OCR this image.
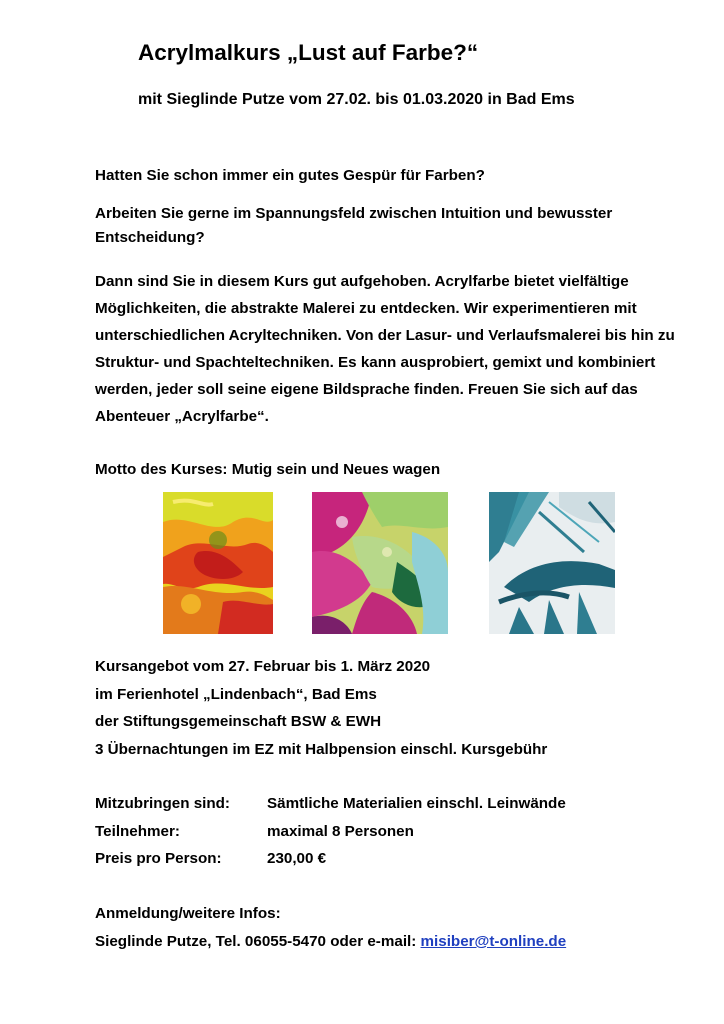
Acrylmalkurs „Lust auf Farbe?“
mit Sieglinde Putze vom 27.02. bis 01.03.2020 in Bad Ems

Hatten Sie schon immer ein gutes Gespür für Farben?

Arbeiten Sie gerne im Spannungsfeld zwischen Intuition und bewusster Entscheidung?

Dann sind Sie in diesem Kurs gut aufgehoben. Acrylfarbe bietet vielfältige Möglichkeiten, die abstrakte Malerei zu entdecken. Wir experimentieren mit unterschiedlichen Acryltechniken. Von der Lasur- und Verlaufsmalerei bis hin zu Struktur- und Spachteltechniken. Es kann ausprobiert, gemixt und kombiniert werden, jeder soll seine eigene Bildsprache finden. Freuen Sie sich auf das Abenteuer „Acrylfarbe“.

Motto des Kurses: Mutig sein und Neues wagen

Kursangebot vom 27. Februar bis 1. März 2020
im Ferienhotel „Lindenbach“, Bad Ems
der Stiftungsgemeinschaft BSW & EWH
3 Übernachtungen im EZ mit Halbpension einschl. Kursgebühr
Mitzubringen sind: Sämtliche Materialien einschl. Leinwände
Teilnehmer:	maximal 8 Personen
Preis pro Person:	230,00 €
Anmeldung/weitere Infos:
Sieglinde Putze, Tel. 06055-5470 oder e-mail: misiber@t-online.de
